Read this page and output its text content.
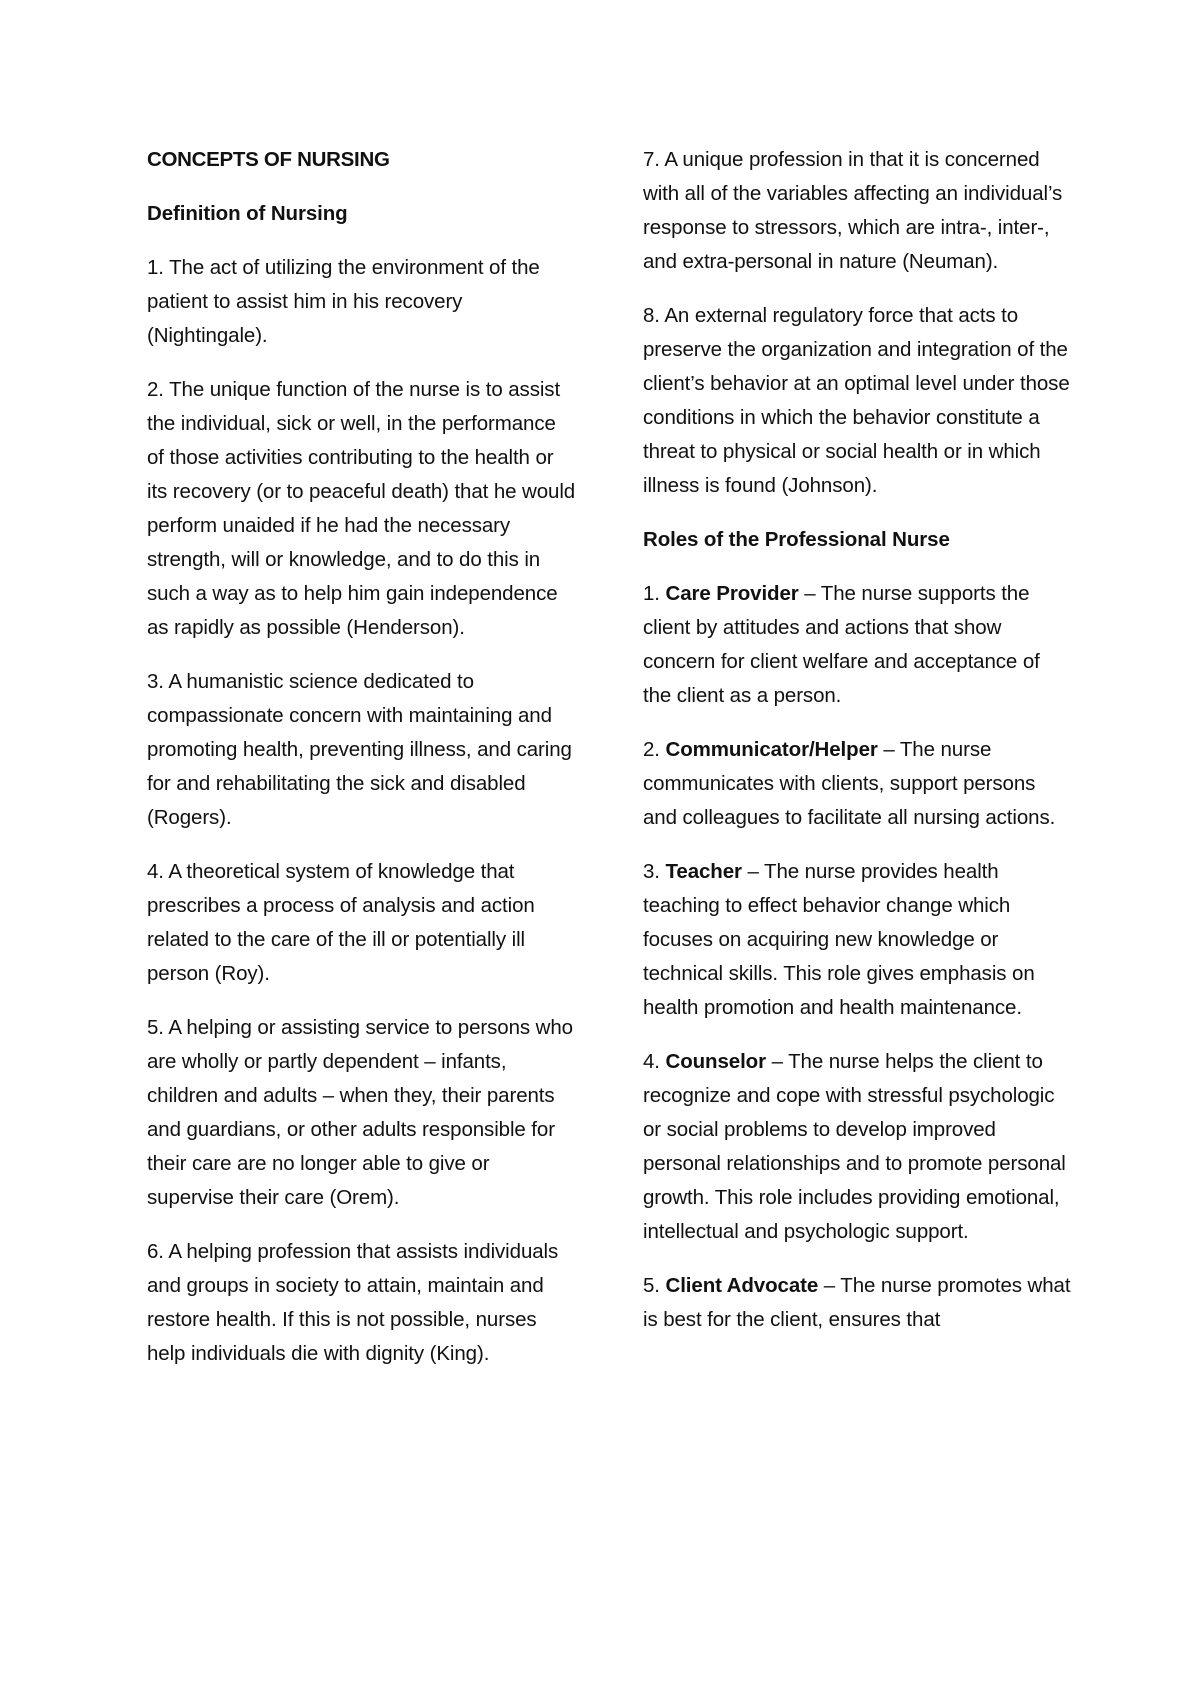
CONCEPTS OF NURSING

Definition of Nursing

1. The act of utilizing the environment of the patient to assist him in his recovery (Nightingale).

2. The unique function of the nurse is to assist the individual, sick or well, in the performance of those activities contributing to the health or its recovery (or to peaceful death) that he would perform unaided if he had the necessary strength, will or knowledge, and to do this in such a way as to help him gain independence as rapidly as possible (Henderson).

3. A humanistic science dedicated to compassionate concern with maintaining and promoting health, preventing illness, and caring for and rehabilitating the sick and disabled (Rogers).

4. A theoretical system of knowledge that prescribes a process of analysis and action related to the care of the ill or potentially ill person (Roy).

5. A helping or assisting service to persons who are wholly or partly dependent – infants, children and adults – when they, their parents and guardians, or other adults responsible for their care are no longer able to give or supervise their care (Orem).

6. A helping profession that assists individuals and groups in society to attain, maintain and restore health. If this is not possible, nurses help individuals die with dignity (King).

7. A unique profession in that it is concerned with all of the variables affecting an individual’s response to stressors, which are intra-, inter-, and extra-personal in nature (Neuman).

8. An external regulatory force that acts to preserve the organization and integration of the client’s behavior at an optimal level under those conditions in which the behavior constitute a threat to physical or social health or in which illness is found (Johnson).

Roles of the Professional Nurse

1. Care Provider – The nurse supports the client by attitudes and actions that show concern for client welfare and acceptance of the client as a person.

2. Communicator/Helper – The nurse communicates with clients, support persons and colleagues to facilitate all nursing actions.

3. Teacher – The nurse provides health teaching to effect behavior change which focuses on acquiring new knowledge or technical skills. This role gives emphasis on health promotion and health maintenance.

4. Counselor – The nurse helps the client to recognize and cope with stressful psychologic or social problems to develop improved personal relationships and to promote personal growth. This role includes providing emotional, intellectual and psychologic support.

5. Client Advocate – The nurse promotes what is best for the client, ensures that
